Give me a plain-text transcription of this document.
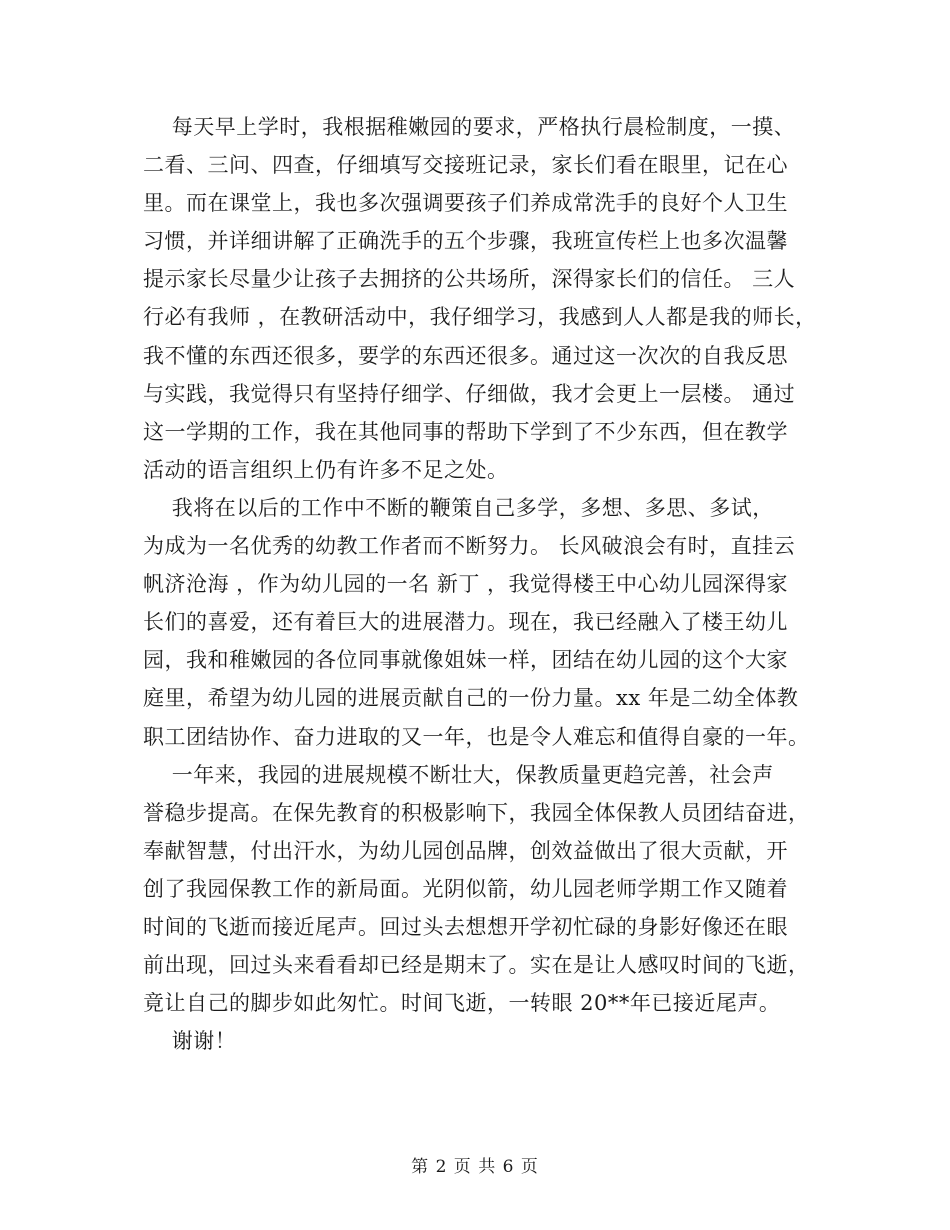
每天早上学时，我根据稚嫩园的要求，严格执行晨检制度，一摸、
二看、三问、四查，仔细填写交接班记录，家长们看在眼里，记在心
里。而在课堂上，我也多次强调要孩子们养成常洗手的良好个人卫生
习惯，并详细讲解了正确洗手的五个步骤，我班宣传栏上也多次温馨
提示家长尽量少让孩子去拥挤的公共场所，深得家长们的信任。 三人
行必有我师 ，在教研活动中，我仔细学习，我感到人人都是我的师长，
我不懂的东西还很多，要学的东西还很多。通过这一次次的自我反思
与实践，我觉得只有坚持仔细学、仔细做，我才会更上一层楼。 通过
这一学期的工作，我在其他同事的帮助下学到了不少东西，但在教学
活动的语言组织上仍有许多不足之处。
我将在以后的工作中不断的鞭策自己多学，多想、多思、多试，
为成为一名优秀的幼教工作者而不断努力。 长风破浪会有时，直挂云
帆济沧海 ，作为幼儿园的一名 新丁 ，我觉得楼王中心幼儿园深得家
长们的喜爱，还有着巨大的进展潜力。现在，我已经融入了楼王幼儿
园，我和稚嫩园的各位同事就像姐妹一样，团结在幼儿园的这个大家
庭里，希望为幼儿园的进展贡献自己的一份力量。xx 年是二幼全体教
职工团结协作、奋力进取的又一年，也是令人难忘和值得自豪的一年。
一年来，我园的进展规模不断壮大，保教质量更趋完善，社会声
誉稳步提高。在保先教育的积极影响下，我园全体保教人员团结奋进，
奉献智慧，付出汗水，为幼儿园创品牌，创效益做出了很大贡献，开
创了我园保教工作的新局面。光阴似箭，幼儿园老师学期工作又随着
时间的飞逝而接近尾声。回过头去想想开学初忙碌的身影好像还在眼
前出现，回过头来看看却已经是期末了。实在是让人感叹时间的飞逝，
竟让自己的脚步如此匆忙。时间飞逝，一转眼 20**年已接近尾声。
谢谢！
第 2 页 共 6 页
